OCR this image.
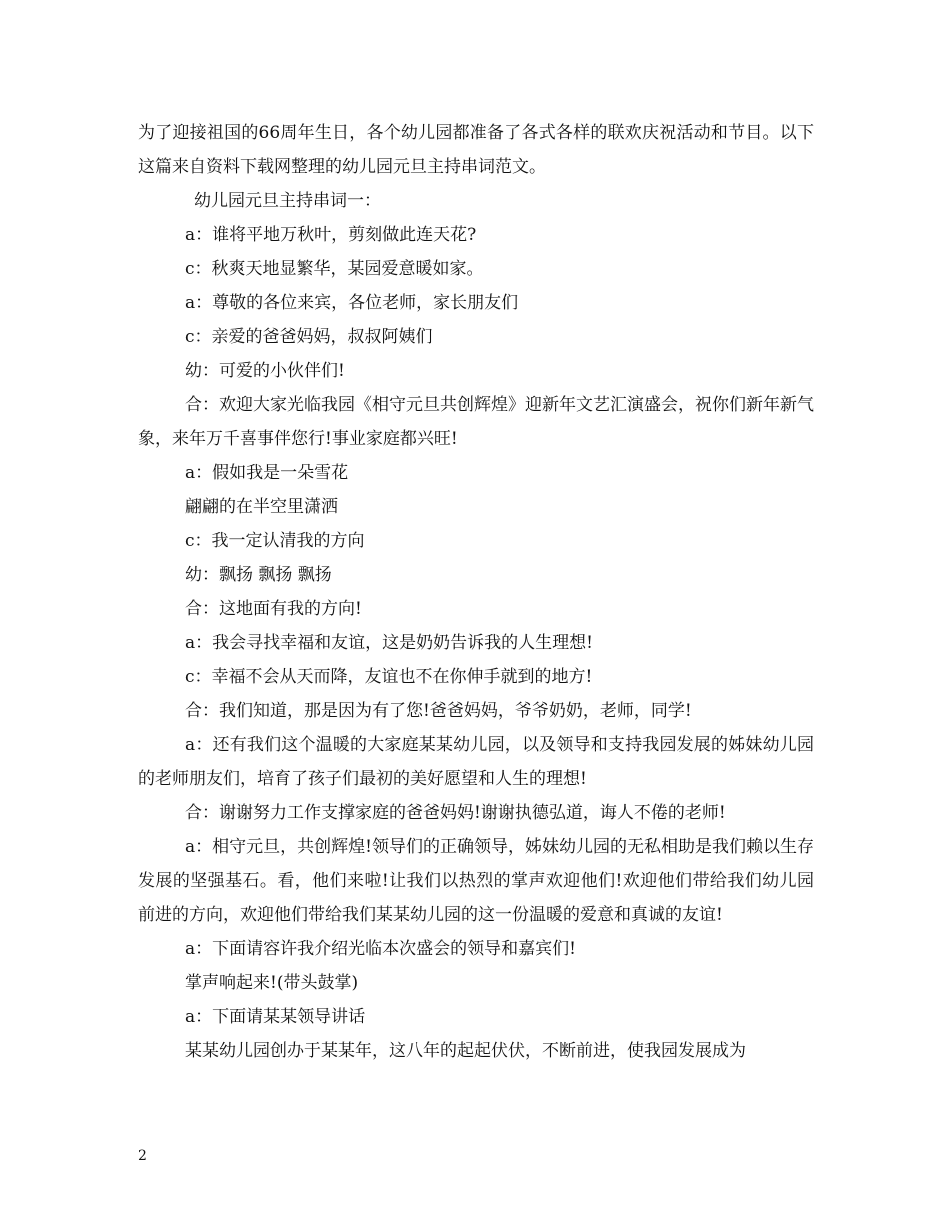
为了迎接祖国的66周年生日，各个幼儿园都准备了各式各样的联欢庆祝活动和节目。以下这篇来自资料下载网整理的幼儿园元旦主持串词范文。

幼儿园元旦主持串词一：

a：谁将平地万秋叶，剪刻做此连天花?

c：秋爽天地显繁华，某园爱意暖如家。

a：尊敬的各位来宾，各位老师，家长朋友们

c：亲爱的爸爸妈妈，叔叔阿姨们

幼：可爱的小伙伴们!

合：欢迎大家光临我园《相守元旦共创辉煌》迎新年文艺汇演盛会，祝你们新年新气象，来年万千喜事伴您行!事业家庭都兴旺!

a：假如我是一朵雪花

翩翩的在半空里潇洒

c：我一定认清我的方向

幼：飘扬 飘扬 飘扬

合：这地面有我的方向!

a：我会寻找幸福和友谊，这是奶奶告诉我的人生理想!

c：幸福不会从天而降，友谊也不在你伸手就到的地方!

合：我们知道，那是因为有了您!爸爸妈妈，爷爷奶奶，老师，同学!

a：还有我们这个温暖的大家庭某某幼儿园，以及领导和支持我园发展的姊妹幼儿园的老师朋友们，培育了孩子们最初的美好愿望和人生的理想!

合：谢谢努力工作支撑家庭的爸爸妈妈!谢谢执德弘道，诲人不倦的老师!

a：相守元旦，共创辉煌!领导们的正确领导，姊妹幼儿园的无私相助是我们赖以生存发展的坚强基石。看，他们来啦!让我们以热烈的掌声欢迎他们!欢迎他们带给我们幼儿园前进的方向，欢迎他们带给我们某某幼儿园的这一份温暖的爱意和真诚的友谊!

a：下面请容许我介绍光临本次盛会的领导和嘉宾们!

掌声响起来!(带头鼓掌)

a：下面请某某领导讲话

某某幼儿园创办于某某年，这八年的起起伏伏，不断前进，使我园发展成为

2
